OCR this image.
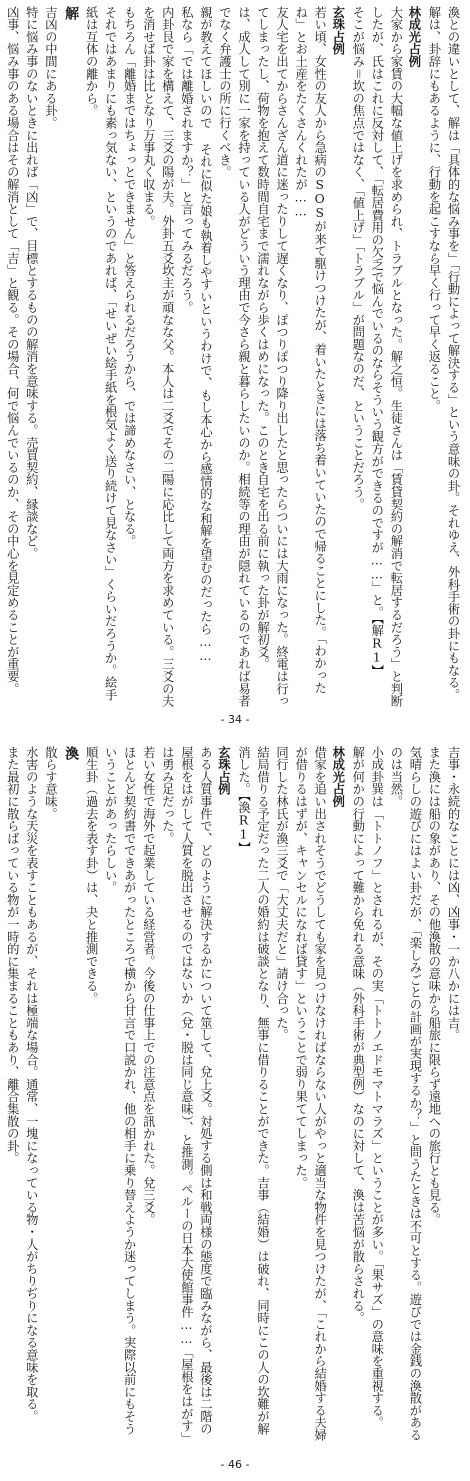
渙との違いとして、解は「具体的な悩み事を」「行動によって解決する」という意味の卦。それゆえ、外科手術の卦にもなる。

解は、卦辞にもあるように、行動を起こすなら早く行って早く返ること。

林成光占例

大家から家賃の大幅な値上げを求められ、トラブルとなった。解之恒。生徒さんは「賃貸契約の解消で転居するだろう」と判断したが、氏はこれに反対して、「転居費用の欠乏で悩んでいるのならそういう観方ができるのですが……」と。【解R1】

そこが悩み＝坎の焦点ではなく、「値上げ」「トラブル」が問題なのだ、ということだろう。

玄珠占例

若い頃、女性の友人から急病のSOSが来て駆けつけたが、着いたときには落ち着いていたので帰ることにした。「わかったね」とお土産をたくさんくれたが……

友人宅を出てからさんざん道に迷ったりして遅くなり、ぽつりぽつり降り出したと思ったらついには大雨になった。終電は行ってしまったし、荷物を抱えて数時間自宅まで濡れながら歩くはめになった。このとき自宅を出る前に執った卦が解初爻。

は、成人して別に一家を持っている人がどういう理由で今さら親と暮らしたいのか。相続等の理由が隠れているのであれば易者でなく弁護士の所に行くべき。

親が教えてほしいので それに似た娘も執着しやすいというわけで、もし本心から感情的な和解を望むのだったら……

私なら「では離婚されますか？」と言ってみるだろう。

内卦艮で家を構えて、三爻の陽が夫。外卦五爻坎主が頑なな父。本人は二爻でその二陽に応比して両方を求めている。三爻の夫を消せば卦は比となり万事丸く収まる。

もちろん「離婚まではちょっとできません」と答えられるだろうから、では諦めなさい、となる。

それではあまりにも素っ気ない、というのであれば、「せいぜい絵手紙を根気よく送り続けて見なさい」くらいだろうか。絵手紙は互体の離から。

解

吉凶の中間にある卦。

特に悩み事のないときに出れば「凶」で、目標とするものの解消を意味する。売買契約、縁談など。

凶事、悩み事のある場合はその解消として「吉」と観る。その場合、何で悩んでいるのか、その中心を見定めることが重要。

- 34 -

吉事・永続的なことには凶、凶事・一か八かには吉。

また渙には船の象があり、その他渙散の意味から船旅に限らず遠地への旅行とも見る。

気晴らしの遊びにはよい卦だが、「楽しみごとの計画が実現するか？」と問うたときは不可とする。遊びでは金銭の渙散があるのは当然。

小成卦巽は「トトノフ」とされるが、その実「トトノエドモマトマラズ」ということが多い。「果サズ」の意味を重視する。

解が何かの行動によって難から免れる意味（外科手術が典型例）なのに対して、渙は苦悩が散らされる。

林成光占例

借家を追い出されそうでどうしても家を見つけなければならない人がやっと適当な物件を見つけたが、「これから結婚する夫婦が借りるはずが、キャンセルになれば貸す」ということで弱り果ててしまった。

同行した林氏が渙三爻で「大丈夫だと」請け合った。

結局借りる予定だった二人の婚約は破談となり、無事に借りることができた。吉事（結婚）は破れ、同時にこの人の坎難が解消した。【渙R1】

玄珠占例

ある人質事件で、どのように解決するかについて筮して、兌上爻。対処する側は和戦両様の態度で臨みながら、最後は二階の屋根をはがして人質を脱出させるのではないか（兌・脱は同じ意味）、と推測。ペルーの日本大使館事件……「屋根をはがす」は勇み足だった。

若い女性で海外で起業している経営者。今後の仕事上での注意点を訊かれた。兌三爻。

ほとんど契約書でできあがったところで横から甘言で口説かれ、他の相手に乗り替えようか迷ってしまう。実際以前にもそういうことがあったらしい。

順生卦（過去を表す卦）は、夬と推測できる。

渙

散らす意味。

水害のような天災を表すこともあるが、それは極端な場合。通常、一塊になっている物・人がちりぢりになる意味を取る。

また最初に散らばっている物が一時的に集まることもあり、離合集散の卦。

- 46 -
